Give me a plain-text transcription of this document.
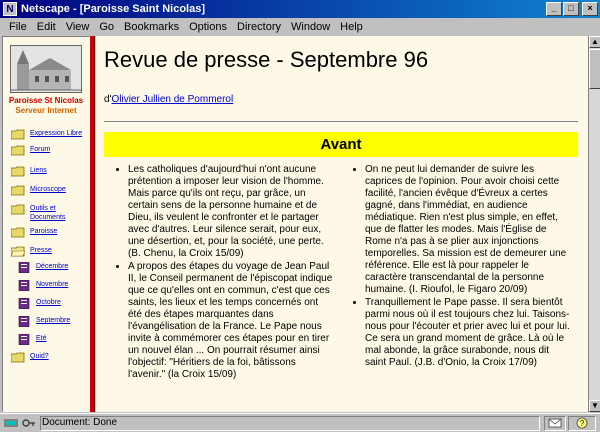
N Netscape - [Paroisse Saint Nicolas]	_	□	×
File Edit View Go Bookmarks Options Directory Window Help
Paroisse St Nicolas
Serveur Internet
Expression Libre
Forum
Liens
Microscope
Outils et Documents
Paroisse
Presse
Décembre
Novembre
Octobre
Septembre
Eté
Quid?
Revue de presse - Septembre 96
d'Olivier Jullien de Pommerol
Avant
• Les catholiques d'aujourd'hui n'ont aucune prétention a imposer leur vision de l'homme. Mais parce qu'ils ont reçu, par grâce, un certain sens de la personne humaine et de Dieu, ils veulent le confronter et le partager avec d'autres. Leur silence serait, pour eux, une désertion, et, pour la société, une perte. (B. Chenu, la Croix 15/09)
• A propos des étapes du voyage de Jean Paul II, le Conseil permanent de l'épiscopat indique que ce qu'elles ont en commun, c'est que ces saints, les lieux et les temps concernés ont été des étapes marquantes dans l'évangélisation de la France. Le Pape nous invite à commémorer ces étapes pour en tirer un nouvel élan ... On pourrait résumer ainsi l'objectif: "Héritiers de la foi, bâtissons l'avenir." (la Croix 15/09)
• On ne peut lui demander de suivre les caprices de l'opinion. Pour avoir choisi cette facilité, l'ancien évêque d'Évreux a certes gagné, dans l'immédiat, en audience médiatique. Rien n'est plus simple, en effet, que de flatter les modes. Mais l'Église de Rome n'a pas à se plier aux injonctions temporelles. Sa mission est de demeurer une référence. Elle est là pour rappeler le caractère transcendantal de la personne humaine. (I. Rioufol, le Figaro 20/09)
• Tranquillement le Pape passe. Il sera bientôt parmi nous où il est toujours chez lui. Taisons-nous pour l'écouter et prier avec lui et pour lui. Ce sera un grand moment de grâce. Là où le mal abonde, la grâce surabonde, nous dit saint Paul. (J.B. d'Onio, la Croix 17/09)
▲
▼
Document: Done	?
